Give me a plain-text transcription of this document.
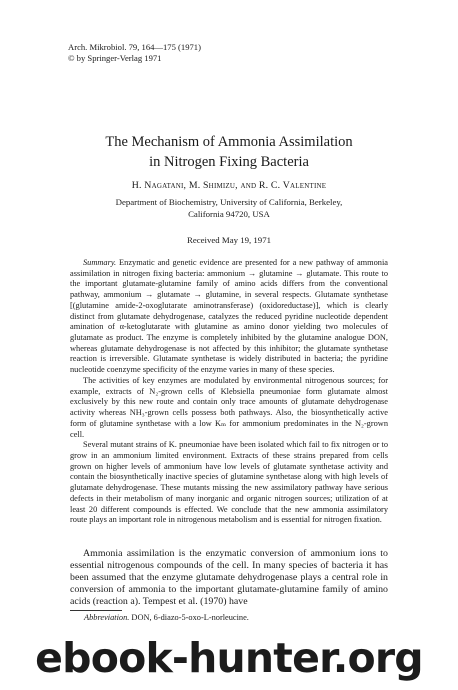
Arch. Mikrobiol. 79, 164—175 (1971)
© by Springer-Verlag 1971
The Mechanism of Ammonia Assimilation
in Nitrogen Fixing Bacteria
H. Nagatani, M. Shimizu, and R. C. Valentine
Department of Biochemistry, University of California, Berkeley,
California 94720, USA
Received May 19, 1971

Summary. Enzymatic and genetic evidence are presented for a new pathway of ammonia assimilation in nitrogen fixing bacteria: ammonium → glutamine → glutamate. This route to the important glutamate-glutamine family of amino acids differs from the conventional pathway, ammonium → glutamate → glutamine, in several respects. Glutamate synthetase [(glutamine amide-2-oxoglutarate aminotransferase) (oxidoreductase)], which is clearly distinct from glutamate dehydrogenase, catalyzes the reduced pyridine nucleotide dependent amination of α-ketoglutarate with glutamine as amino donor yielding two molecules of glutamate as product. The enzyme is completely inhibited by the glutamine analogue DON, whereas glutamate dehydrogenase is not affected by this inhibitor; the glutamate synthetase reaction is irreversible. Glutamate synthetase is widely distributed in bacteria; the pyridine nucleotide coenzyme specificity of the enzyme varies in many of these species.

The activities of key enzymes are modulated by environmental nitrogenous sources; for example, extracts of N₂-grown cells of Klebsiella pneumoniae form glutamate almost exclusively by this new route and contain only trace amounts of glutamate dehydrogenase activity whereas NH₃-grown cells possess both pathways. Also, the biosynthetically active form of glutamine synthetase with a low Kₘ for ammonium predominates in the N₂-grown cell.

Several mutant strains of K. pneumoniae have been isolated which fail to fix nitrogen or to grow in an ammonium limited environment. Extracts of these strains prepared from cells grown on higher levels of ammonium have low levels of glutamate synthetase activity and contain the biosynthetically inactive species of glutamine synthetase along with high levels of glutamate dehydrogenase. These mutants missing the new assimilatory pathway have serious defects in their metabolism of many inorganic and organic nitrogen sources; utilization of at least 20 different compounds is effected. We conclude that the new ammonia assimilatory route plays an important role in nitrogenous metabolism and is essential for nitrogen fixation.

Ammonia assimilation is the enzymatic conversion of ammonium ions to essential nitrogenous compounds of the cell. In many species of bacteria it has been assumed that the enzyme glutamate dehydrogenase plays a central role in conversion of ammonia to the important glutamate-glutamine family of amino acids (reaction a). Tempest et al. (1970) have

Abbreviation. DON, 6-diazo-5-oxo-L-norleucine.
ebook-hunter.org
